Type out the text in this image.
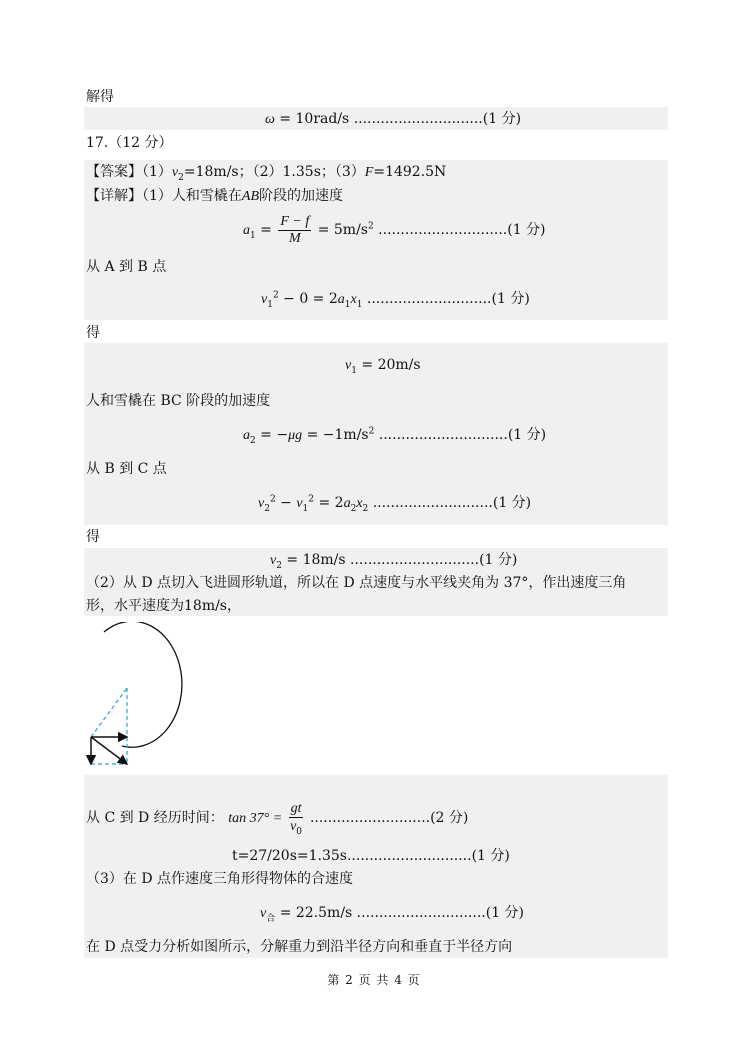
解得
ω = 10rad/s .............................(1 分)
17.（12 分）
【答案】$(1)v_2=18m/s$；（2）1.35s；（3）F=1492.5N
【详解】（1）人和雪橇在AB阶段的加速度
$a_1 = \frac{F - f}{M} = 5m/s^2$ .............................(1 分)
从 A 到 B 点
$v_1^2 - 0 = 2a_1x_1$ ............................(1 分)
得
$v_1 = 20m/s$
人和雪橇在 BC 阶段的加速度
$a_2 = -\mu g = -1m/s^2$ .............................(1 分)
从 B 到 C 点
$v_2^2 - v_1^2 = 2a_2x_2$ ...........................(1 分)
得
$v_2 = 18m/s$ .............................(1 分)
（2）从 D 点切入飞进圆形轨道，所以在 D 点速度与水平线夹角为 37°，作出速度三角
形，水平速度为18m/s，
从 C 到 D 经历时间： $\tan 37^\circ = \frac{gt}{v_0} ...........................(2$ 分)
t=27/20s=1.35s............................(1 分)
（3）在 D 点作速度三角形得物体的合速度
$v_合 = 22.5m/s$ .............................(1 分)
在 D 点受力分析如图所示，分解重力到沿半径方向和垂直于半径方向
第 2 页 共 4 页
